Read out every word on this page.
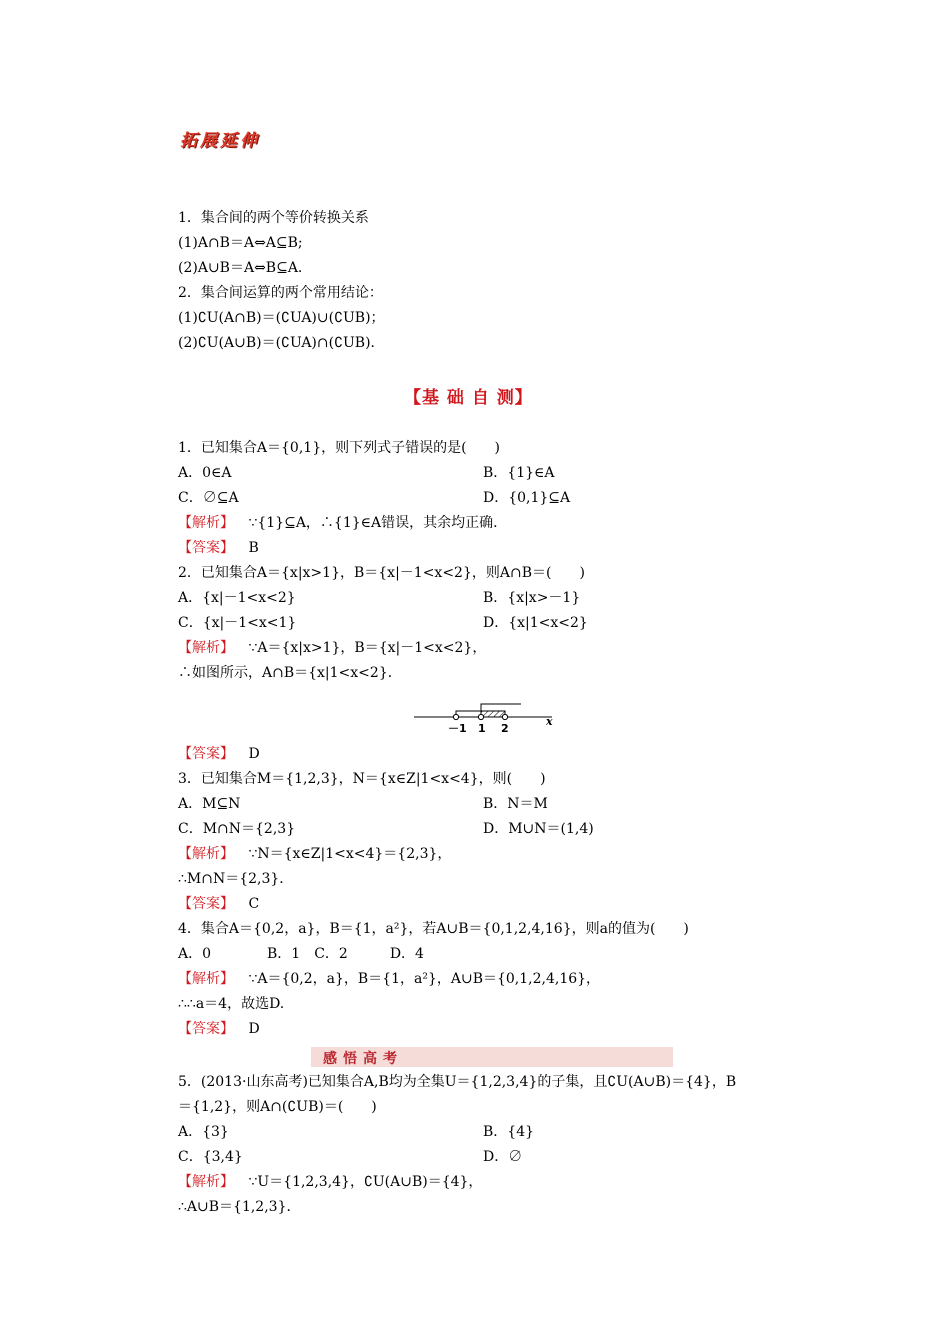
拓展延伸
1．集合间的两个等价转换关系
(1)A∩B＝A⇔A⊆B;
(2)A∪B＝A⇔B⊆A.
2．集合间运算的两个常用结论：
(1)∁U(A∩B)＝(∁UA)∪(∁UB)；
(2)∁U(A∪B)＝(∁UA)∩(∁UB)．
【基 础 自 测】
1．已知集合A＝{0,1}，则下列式子错误的是(　　)
A．0∈A	B．{1}∈A
C．∅⊆A	D．{0,1}⊆A
【解析】 ∵{1}⊆A，∴{1}∈A错误，其余均正确.
【答案】 B
2．已知集合A＝{x|x>1}，B＝{x|－1<x<2}，则A∩B＝(　　)
A．{x|－1<x<2}	B．{x|x>－1}
C．{x|－1<x<1}	D．{x|1<x<2}
【解析】 ∵A＝{x|x>1}，B＝{x|－1<x<2}，
∴如图所示，A∩B＝{x|1<x<2}．
－1 1 2
x
【答案】 D
3．已知集合M＝{1,2,3}，N＝{x∈Z|1<x<4}，则(　　)
A．M⊆N	B．N＝M
C．M∩N＝{2,3}	D．M∪N＝(1,4)
【解析】 ∵N＝{x∈Z|1<x<4}＝{2,3}，
∴M∩N＝{2,3}．
【答案】 C
4．集合A＝{0,2，a}，B＝{1，a²}，若A∪B＝{0,1,2,4,16}，则a的值为(　　)
A．0　　　　B．1　C．2　　　D．4
【解析】 ∵A＝{0,2，a}，B＝{1，a²}，A∪B＝{0,1,2,4,16}，
∴∴a＝4，故选D.
【答案】 D
感悟高考
5．(2013·山东高考)已知集合A,B均为全集U＝{1,2,3,4}的子集，且∁U(A∪B)＝{4}，B
＝{1,2}，则A∩(∁UB)＝(　　)
A．{3}	B．{4}
C．{3,4}	D．∅
【解析】 ∵U＝{1,2,3,4}，∁U(A∪B)＝{4}，
∴A∪B＝{1,2,3}．
